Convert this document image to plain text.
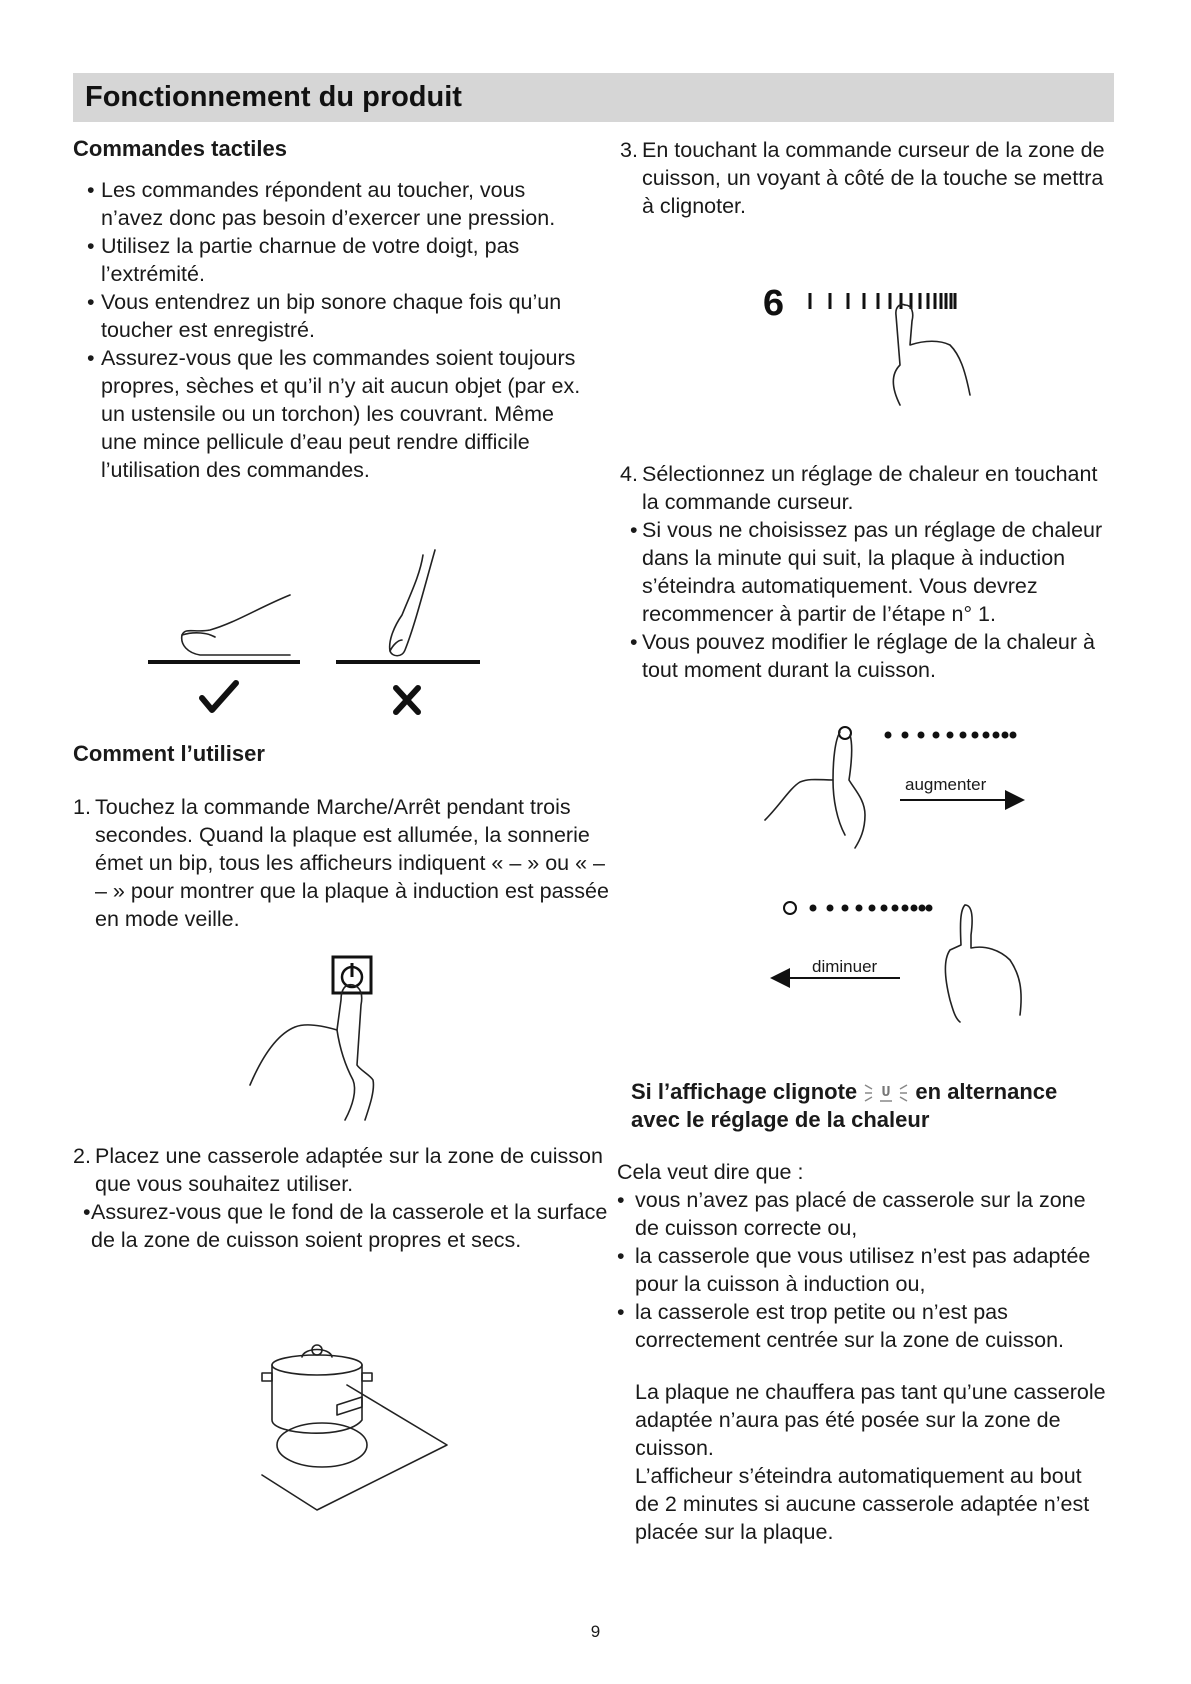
Fonctionnement du produit
Commandes tactiles
• Les commandes répondent au toucher, vous n’avez donc pas besoin d’exercer une pression.
• Utilisez la partie charnue de votre doigt, pas l’extrémité.
• Vous entendrez un bip sonore chaque fois qu’un toucher est enregistré.
• Assurez-vous que les commandes soient toujours propres, sèches et qu’il n’y ait aucun objet (par ex. un ustensile ou un torchon) les couvrant. Même une mince pellicule d’eau peut rendre difficile l’utilisation des commandes.
Comment l’utiliser
1. Touchez la commande Marche/Arrêt pendant trois secondes. Quand la plaque est allumée, la sonnerie émet un bip, tous les afficheurs indiquent « – » ou « – – » pour montrer que la plaque à induction est passée en mode veille.
2. Placez une casserole adaptée sur la zone de cuisson que vous souhaitez utiliser.
• Assurez-vous que le fond de la casserole et la surface de la zone de cuisson soient propres et secs.
3. En touchant la commande curseur de la zone de cuisson, un voyant à côté de la touche se mettra à clignoter.
6
4. Sélectionnez un réglage de chaleur en touchant la commande curseur.
• Si vous ne choisissez pas un réglage de chaleur dans la minute qui suit, la plaque à induction s’éteindra automatiquement. Vous devrez recommencer à partir de l’étape n° 1.
• Vous pouvez modifier le réglage de la chaleur à tout moment durant la cuisson.
augmenter
diminuer
Si l’affichage clignote U en alternance
avec le réglage de la chaleur
Cela veut dire que :
• vous n’avez pas placé de casserole sur la zone de cuisson correcte ou,
• la casserole que vous utilisez n’est pas adaptée pour la cuisson à induction ou,
• la casserole est trop petite ou n’est pas correctement centrée sur la zone de cuisson.
La plaque ne chauffera pas tant qu’une casserole adaptée n’aura pas été posée sur la zone de cuisson.
L’afficheur s’éteindra automatiquement au bout de 2 minutes si aucune casserole adaptée n’est placée sur la plaque.
9
